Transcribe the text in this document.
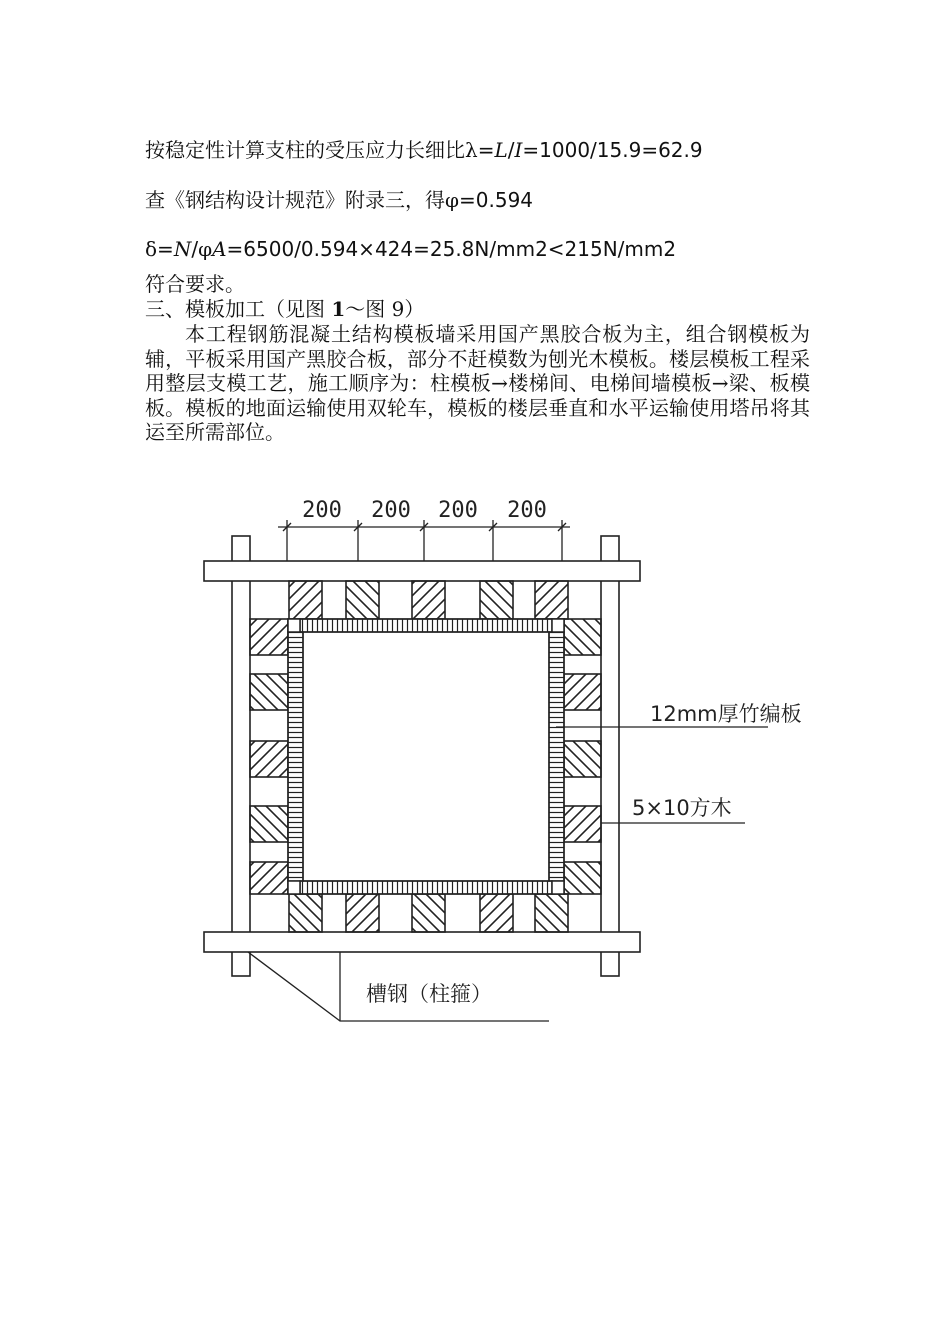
按稳定性计算支柱的受压应力长细比λ=L/I=1000/15.9=62.9
查《钢结构设计规范》附录三，得φ=0.594
δ=N/φA=6500/0.594×424=25.8N/mm2<215N/mm2
符合要求。
三、模板加工（见图 1～图 9）
本工程钢筋混凝土结构模板墙采用国产黑胶合板为主，组合钢模板为辅，平板采用国产黑胶合板，部分不赶模数为刨光木模板。楼层模板工程采用整层支模工艺，施工顺序为：柱模板→楼梯间、电梯间墙模板→梁、板模板。模板的地面运输使用双轮车，模板的楼层垂直和水平运输使用塔吊将其运至所需部位。
200 200 200 200
12mm厚竹编板
5×10方木
槽钢（柱箍）
